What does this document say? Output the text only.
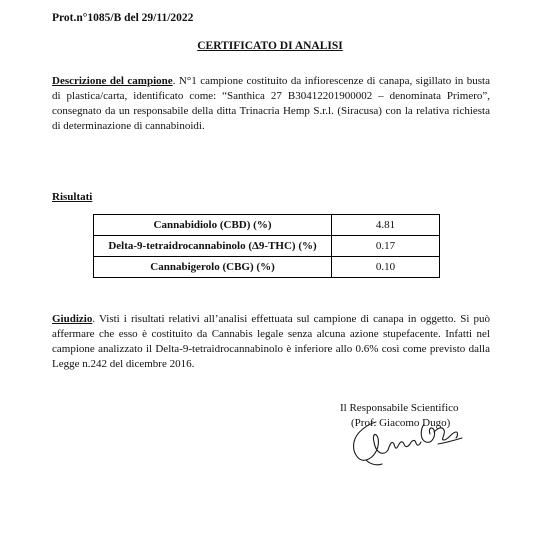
Prot.n°1085/B del 29/11/2022
CERTIFICATO DI ANALISI
Descrizione del campione. N°1 campione costituito da infiorescenze di canapa, sigillato in busta di plastica/carta, identificato come: “Santhica 27 B30412201900002 – denominata Primero”, consegnato da un responsabile della ditta Trinacria Hemp S.r.l. (Siracusa) con la relativa richiesta di determinazione di cannabinoidi.
Risultati
Cannabidiolo (CBD) (%)	4.81
Delta-9-tetraidrocannabinolo (Δ9-THC) (%)	0.17
Cannabigerolo (CBG) (%)	0.10
Giudizio. Visti i risultati relativi all’analisi effettuata sul campione di canapa in oggetto. Si può affermare che esso è costituito da Cannabis legale senza alcuna azione stupefacente. Infatti nel campione analizzato il Delta-9-tetraidrocannabinolo è inferiore allo 0.6% così come previsto dalla Legge n.242 del dicembre 2016.
Il Responsabile Scientifico
(Prof. Giacomo Dugo)
